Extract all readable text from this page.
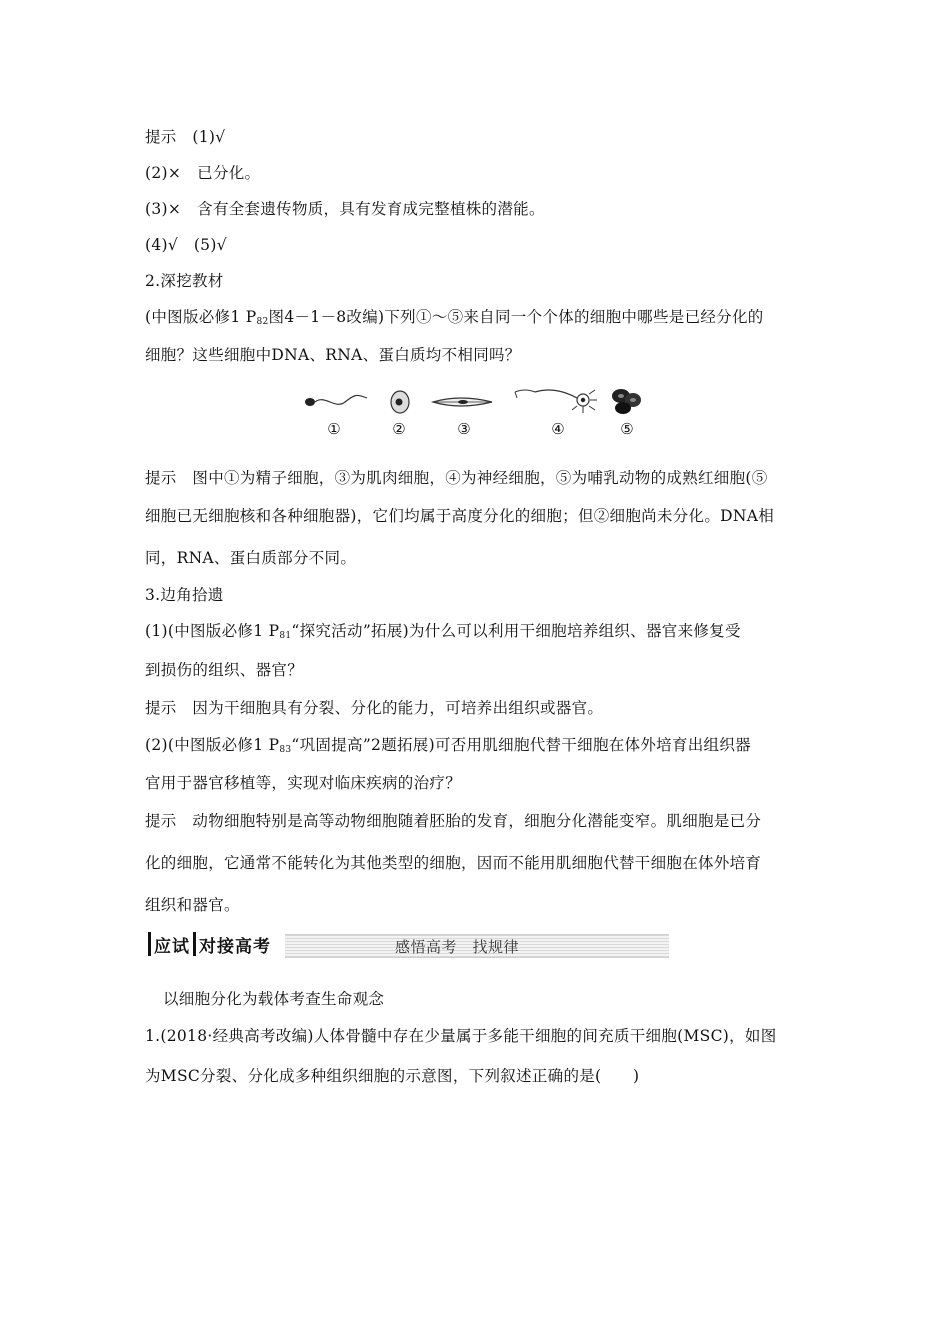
提示　(1)√
(2)× 已分化。
(3)× 含有全套遗传物质，具有发育成完整植株的潜能。
(4)√　(5)√
2.深挖教材
(中图版必修1 $P_{82}$图4－1－8改编)下列①～⑤来自同一个个体的细胞中哪些是已经分化的
细胞？这些细胞中DNA、RNA、蛋白质均不相同吗？
①	②	③	④	⑤
提示　图中①为精子细胞，③为肌肉细胞，④为神经细胞，⑤为哺乳动物的成熟红细胞(⑤
细胞已无细胞核和各种细胞器)，它们均属于高度分化的细胞；但②细胞尚未分化。DNA相
同，RNA、蛋白质部分不同。
3.边角拾遗
(1)(中图版必修1 $P_{81}“$探究活动”拓展)为什么可以利用干细胞培养组织、器官来修复受
到损伤的组织、器官？
提示　因为干细胞具有分裂、分化的能力，可培养出组织或器官。
(2)(中图版必修1 $P_{83}“$巩固提高”2题拓展)可否用肌细胞代替干细胞在体外培育出组织器
官用于器官移植等，实现对临床疾病的治疗？
提示　动物细胞特别是高等动物细胞随着胚胎的发育，细胞分化潜能变窄。肌细胞是已分
化的细胞，它通常不能转化为其他类型的细胞，因而不能用肌细胞代替干细胞在体外培育
组织和器官。
应试 对接高考	感悟高考　找规律
以细胞分化为载体考查生命观念
1.(2018·经典高考改编)人体骨髓中存在少量属于多能干细胞的间充质干细胞(MSC)，如图
为MSC分裂、分化成多种组织细胞的示意图，下列叙述正确的是(　　)
